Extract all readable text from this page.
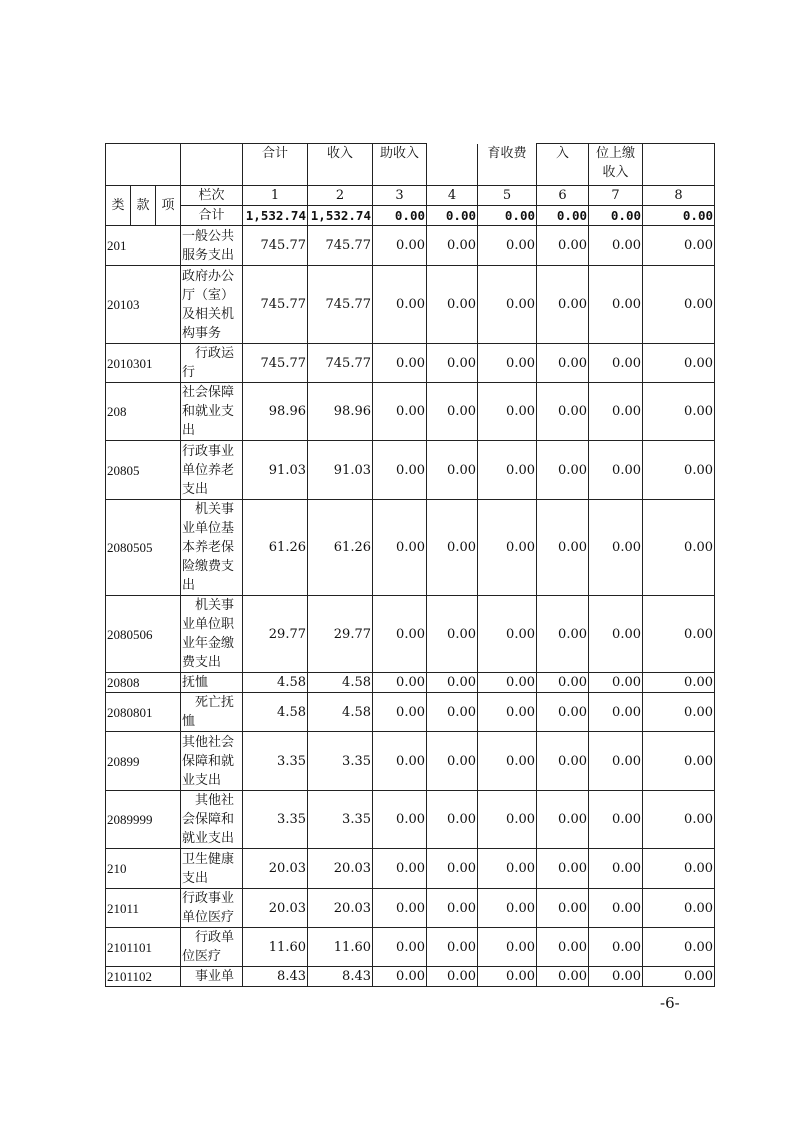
				合计	收入	助收入		育收费	入	位上缴收入	
类	款	项	栏次	1	2	3	4	5	6	7	8
			合计	1,532.74	1,532.74	0.00	0.00	0.00	0.00	0.00	0.00
201			一般公共服务支出	745.77	745.77	0.00	0.00	0.00	0.00	0.00	0.00
20103			政府办公厅（室）及相关机构事务	745.77	745.77	0.00	0.00	0.00	0.00	0.00	0.00
2010301			　行政运行	745.77	745.77	0.00	0.00	0.00	0.00	0.00	0.00
208			社会保障和就业支出	98.96	98.96	0.00	0.00	0.00	0.00	0.00	0.00
20805			行政事业单位养老支出	91.03	91.03	0.00	0.00	0.00	0.00	0.00	0.00
2080505			　机关事业单位基本养老保险缴费支出	61.26	61.26	0.00	0.00	0.00	0.00	0.00	0.00
2080506			　机关事业单位职业年金缴费支出	29.77	29.77	0.00	0.00	0.00	0.00	0.00	0.00
20808			抚恤	4.58	4.58	0.00	0.00	0.00	0.00	0.00	0.00
2080801			　死亡抚恤	4.58	4.58	0.00	0.00	0.00	0.00	0.00	0.00
20899			其他社会保障和就业支出	3.35	3.35	0.00	0.00	0.00	0.00	0.00	0.00
2089999			　其他社会保障和就业支出	3.35	3.35	0.00	0.00	0.00	0.00	0.00	0.00
210			卫生健康支出	20.03	20.03	0.00	0.00	0.00	0.00	0.00	0.00
21011			行政事业单位医疗	20.03	20.03	0.00	0.00	0.00	0.00	0.00	0.00
2101101			　行政单位医疗	11.60	11.60	0.00	0.00	0.00	0.00	0.00	0.00
2101102			　事业单	8.43	8.43	0.00	0.00	0.00	0.00	0.00	0.00
-6-
